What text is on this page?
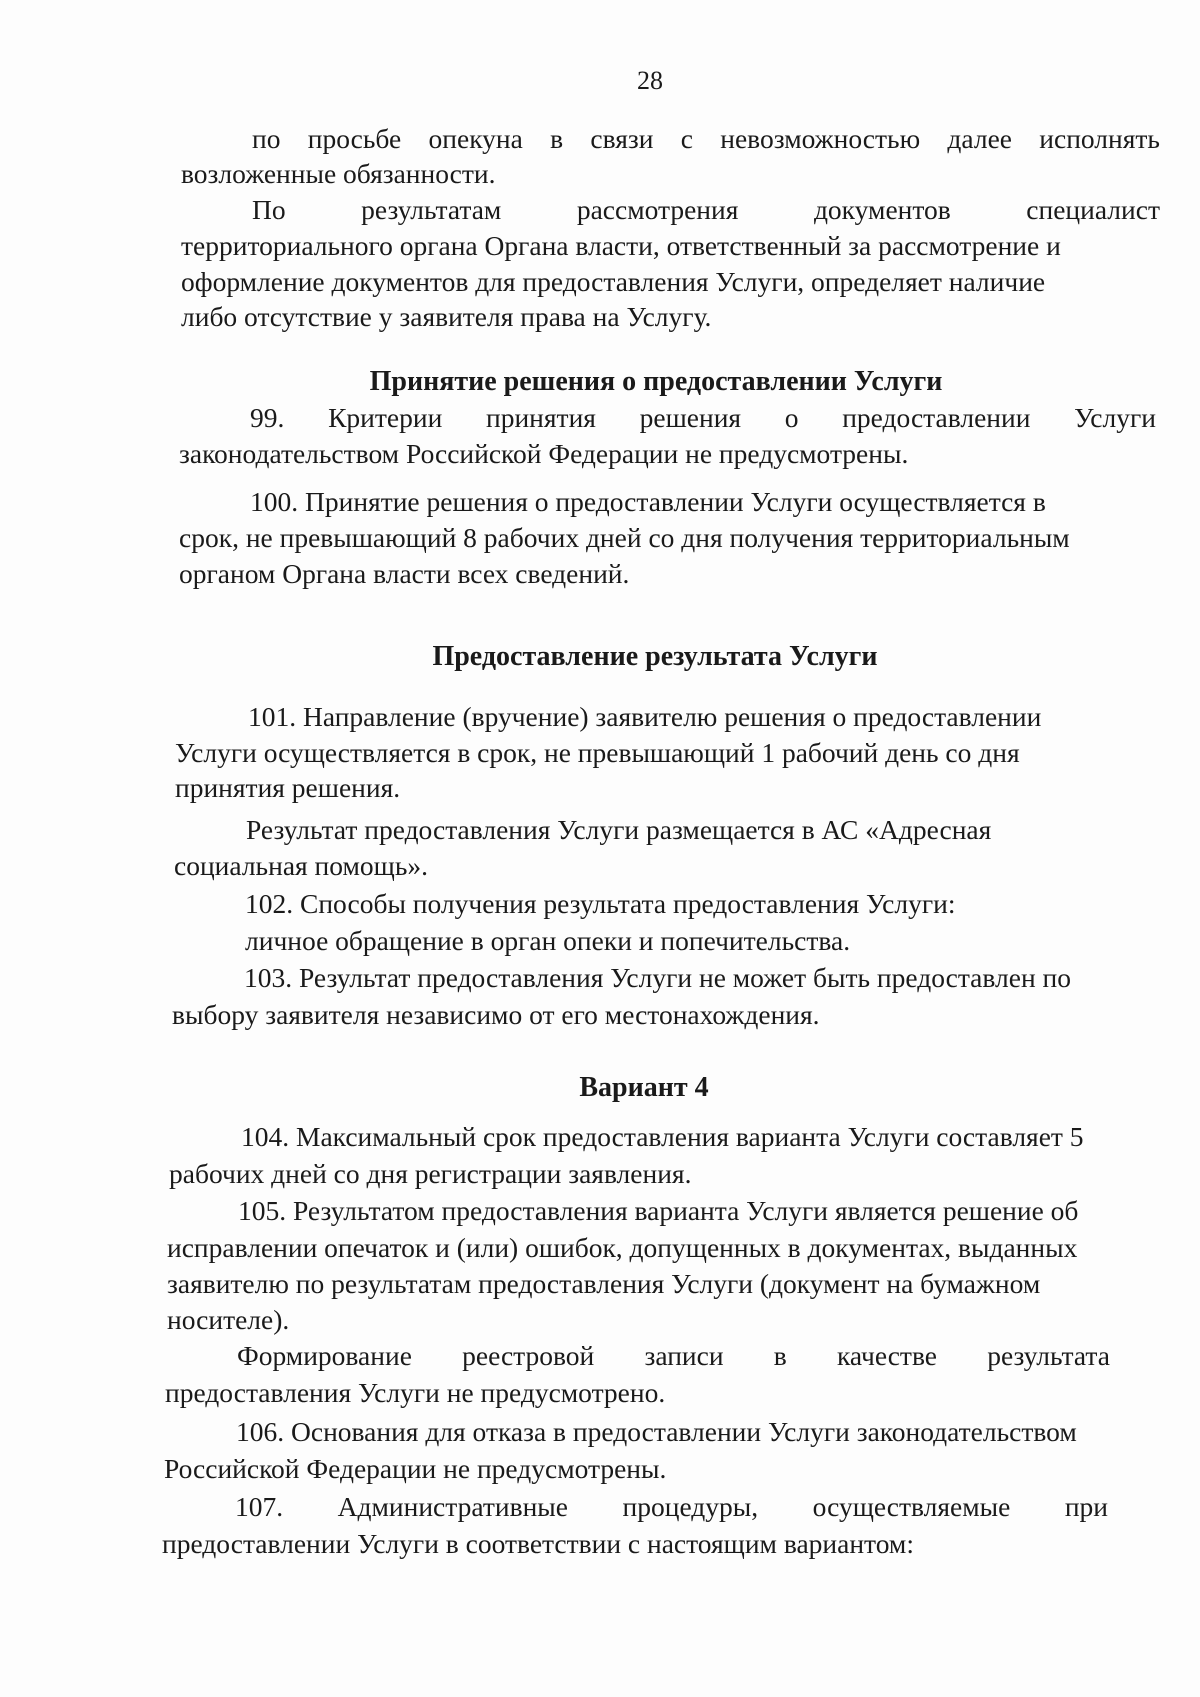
28
по просьбе опекуна в связи с невозможностью далее исполнять
возложенные обязанности.
По	результатам	рассмотрения	документов	специалист
территориального органа Органа власти, ответственный за рассмотрение и
оформление документов для предоставления Услуги, определяет наличие
либо отсутствие у заявителя права на Услугу.
Принятие решения о предоставлении Услуги
99. Критерии принятия решения о предоставлении Услуги
законодательством Российской Федерации не предусмотрены.
100. Принятие решения о предоставлении Услуги осуществляется в
срок, не превышающий 8 рабочих дней со дня получения территориальным
органом Органа власти всех сведений.
Предоставление результата Услуги
101. Направление (вручение) заявителю решения о предоставлении
Услуги осуществляется в срок, не превышающий 1 рабочий день со дня
принятия решения.
Результат предоставления Услуги размещается в АС «Адресная
социальная помощь».
102. Способы получения результата предоставления Услуги:
личное обращение в орган опеки и попечительства.
103. Результат предоставления Услуги не может быть предоставлен по
выбору заявителя независимо от его местонахождения.
Вариант 4
104. Максимальный срок предоставления варианта Услуги составляет 5
рабочих дней со дня регистрации заявления.
105. Результатом предоставления варианта Услуги является решение об
исправлении опечаток и (или) ошибок, допущенных в документах, выданных
заявителю по результатам предоставления Услуги (документ на бумажном
носителе).
Формирование реестровой записи в качестве результата
предоставления Услуги не предусмотрено.
106. Основания для отказа в предоставлении Услуги законодательством
Российской Федерации не предусмотрены.
107. Административные процедуры, осуществляемые при
предоставлении Услуги в соответствии с настоящим вариантом:
